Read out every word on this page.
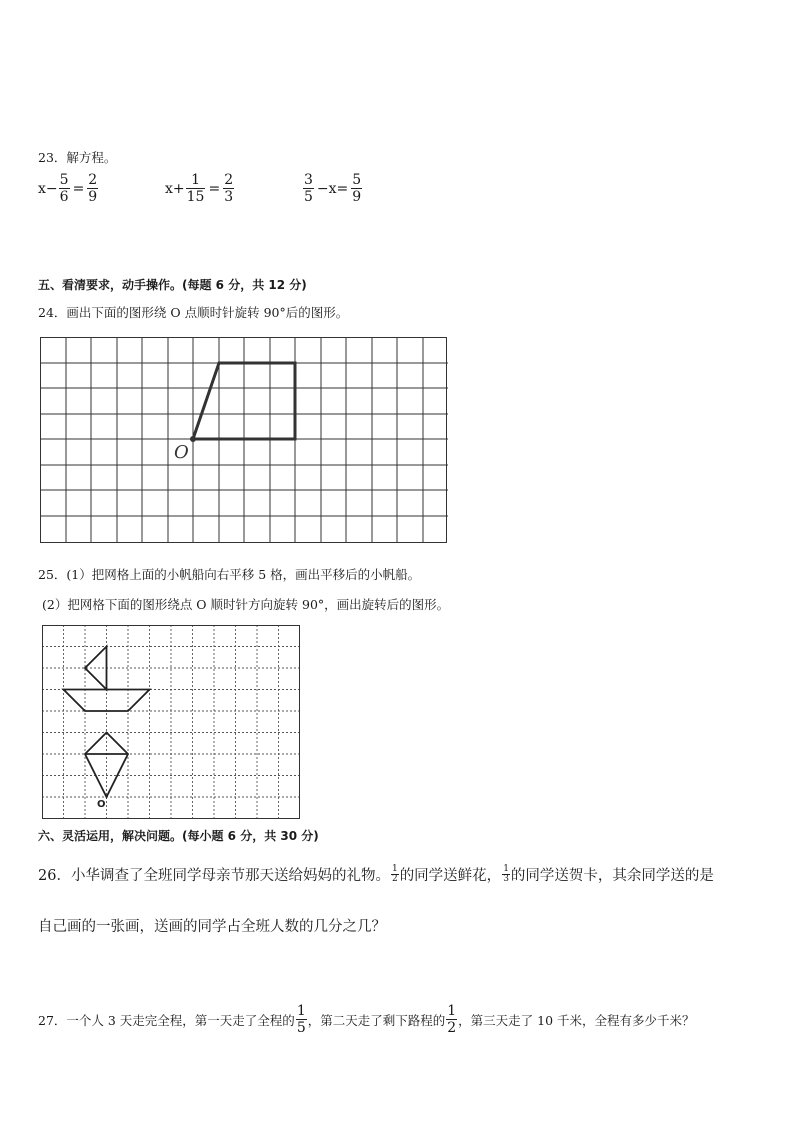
23．解方程。
$x- \frac{5}{6} = \frac{2}{9}$	$x+ \frac{1}{15} = \frac{2}{3}$	$\frac{3}{5} -x= \frac{5}{9}$
五、看清要求，动手操作。(每题 6 分，共 12 分)
24．画出下面的图形绕 O 点顺时针旋转 90°后的图形。
O
25．(1）把网格上面的小帆船向右平移 5 格，画出平移后的小帆船。
(2）把网格下面的图形绕点 O 顺时针方向旋转 90°，画出旋转后的图形。
O
六、灵活运用，解决问题。(每小题 6 分，共 30 分)
26．小华调查了全班同学母亲节那天送给妈妈的礼物。 $\frac{1}{2}$ 的同学送鲜花， $\frac{1}{3}$ 的同学送贺卡，其余同学送的是
自己画的一张画，送画的同学占全班人数的几分之几？
27．一个人 3 天走完全程，第一天走了全程的 $\frac{1}{5}$ ，第二天走了剩下路程的 $\frac{1}{2}$ ，第三天走了 10 千米，全程有多少千米？
